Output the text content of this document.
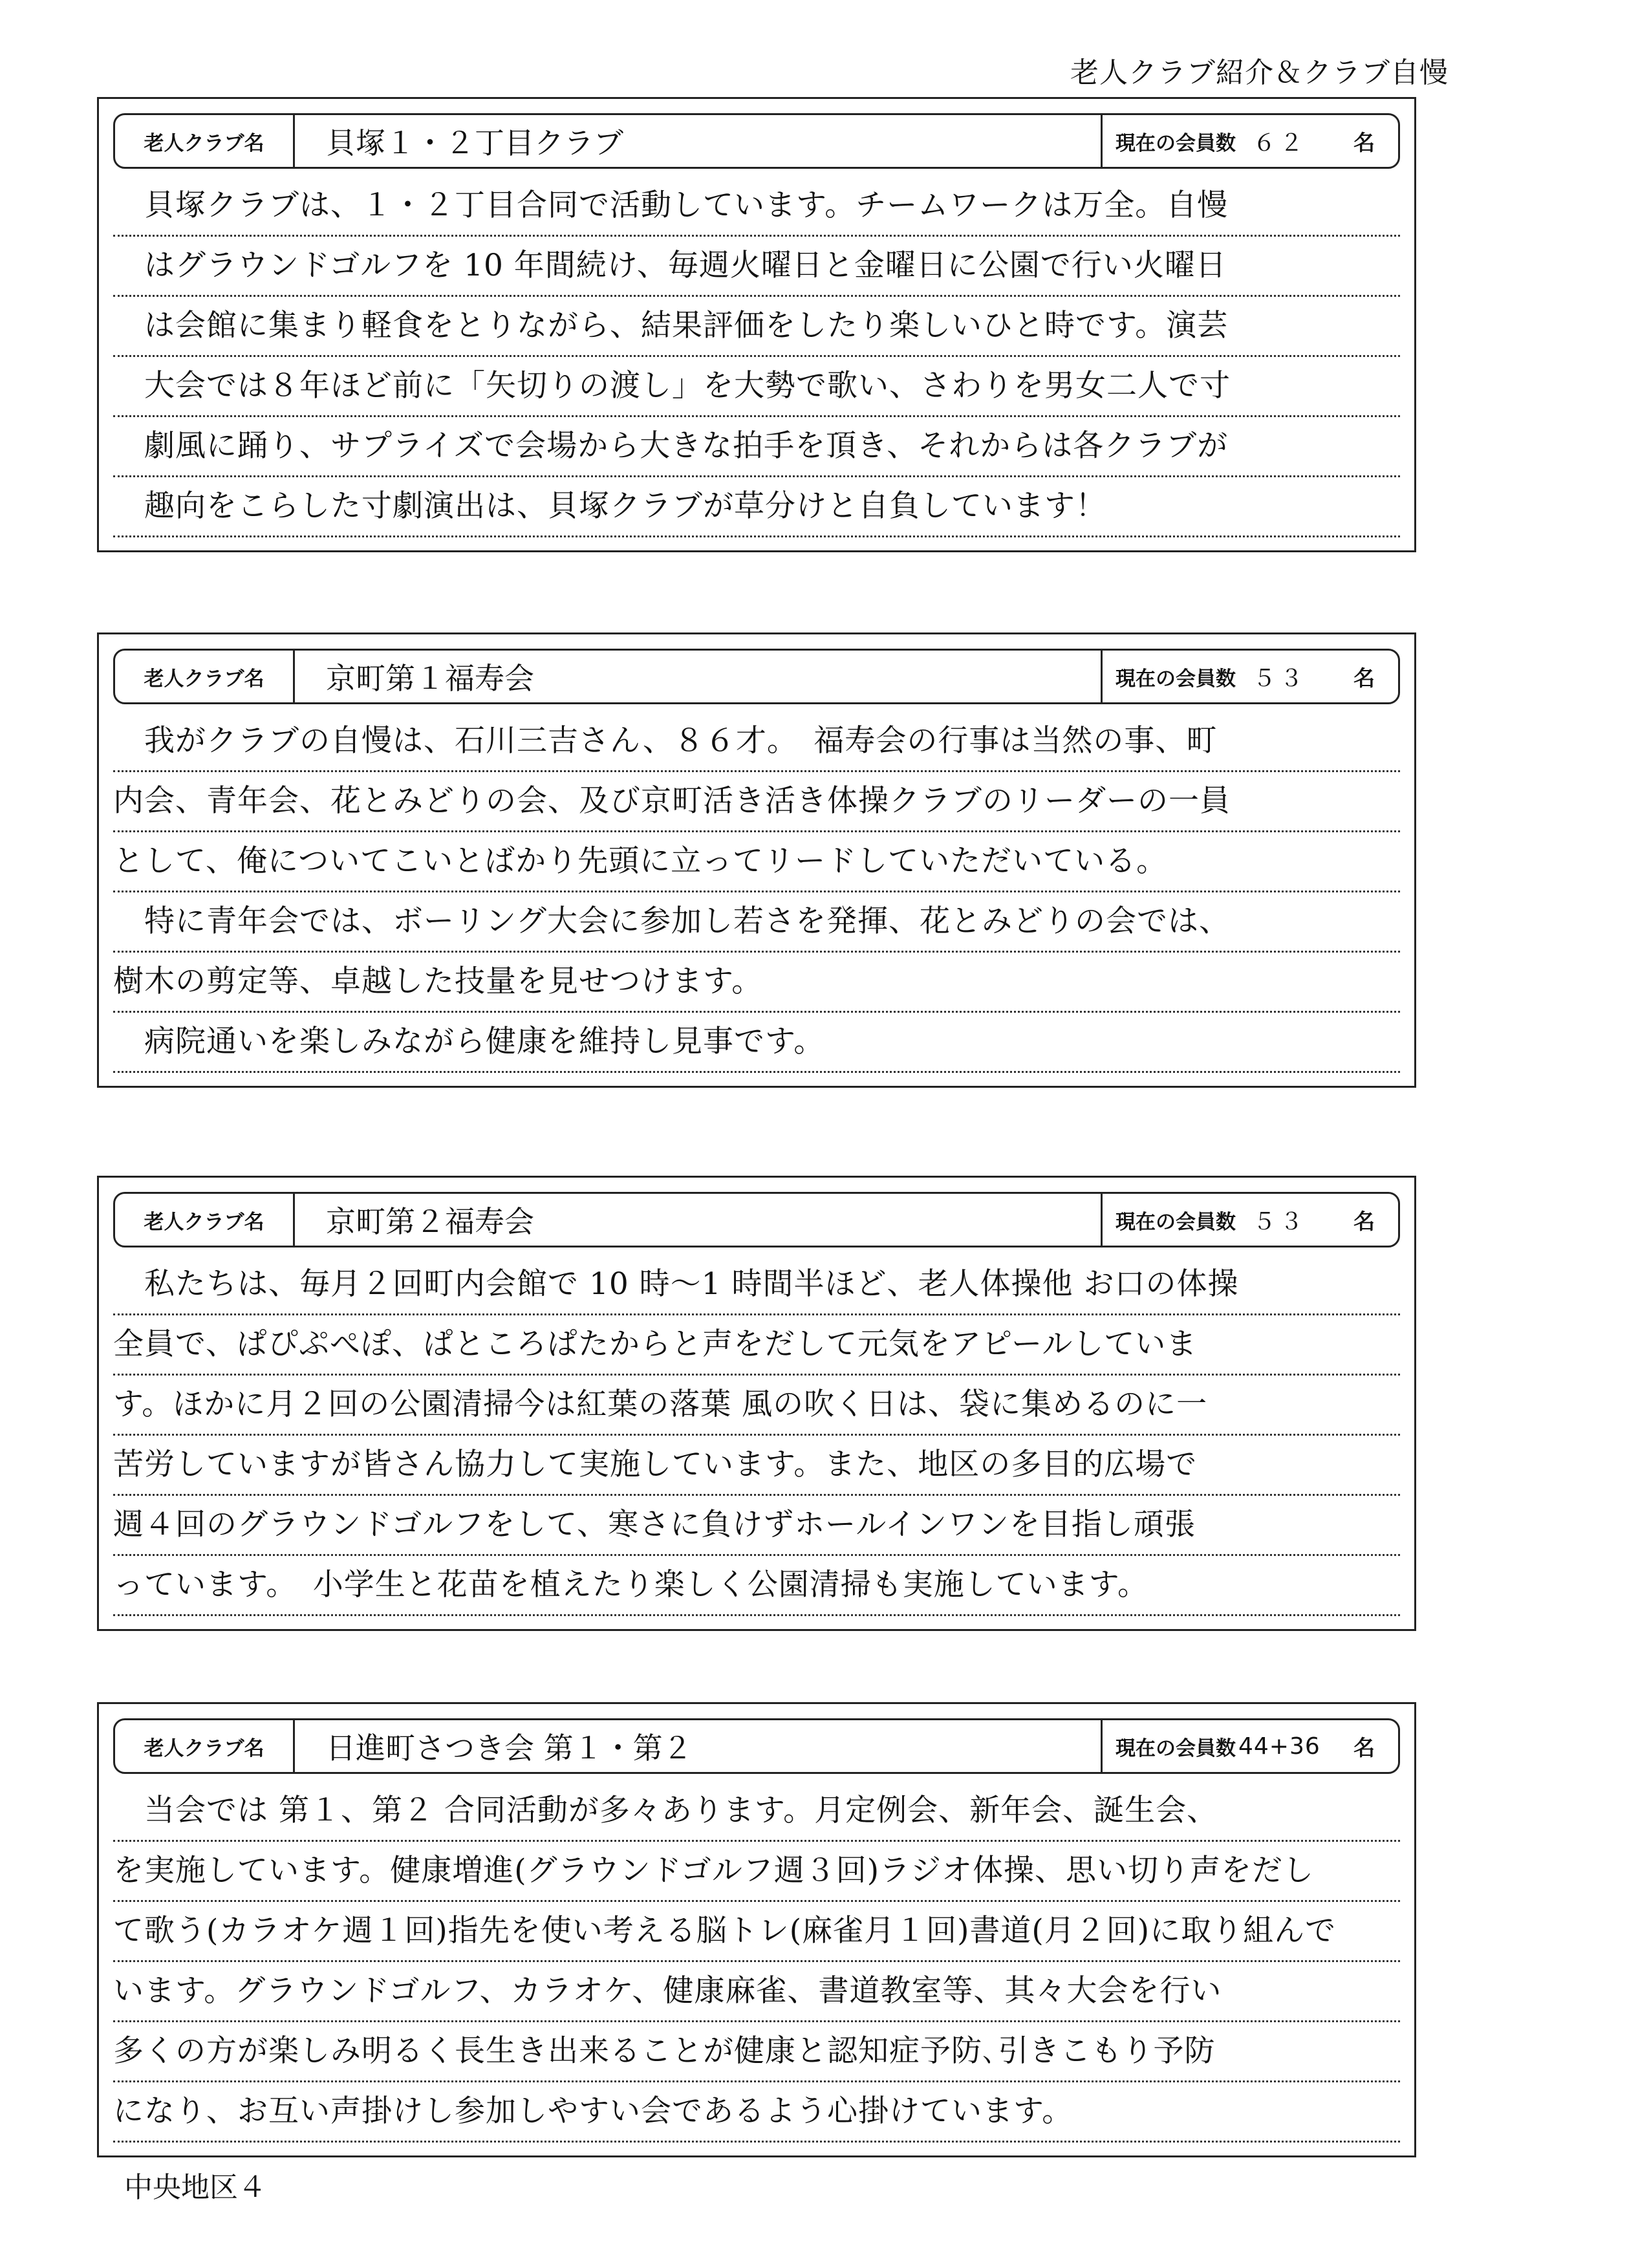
老人クラブ紹介＆クラブ自慢
老人クラブ名	貝塚１・２丁目クラブ	現在の会員数 ６２ 名
　貝塚クラブは、１・２丁目合同で活動しています。チームワークは万全。自慢
　はグラウンドゴルフを 10 年間続け、毎週火曜日と金曜日に公園で行い火曜日
　は会館に集まり軽食をとりながら、結果評価をしたり楽しいひと時です。演芸
　大会では８年ほど前に「矢切りの渡し」を大勢で歌い、さわりを男女二人で寸
　劇風に踊り、サプライズで会場から大きな拍手を頂き、それからは各クラブが
　趣向をこらした寸劇演出は、貝塚クラブが草分けと自負しています！
老人クラブ名	京町第１福寿会	現在の会員数 ５３ 名
　我がクラブの自慢は、石川三吉さん、８６才。　福寿会の行事は当然の事、町
内会、青年会、花とみどりの会、及び京町活き活き体操クラブのリーダーの一員
として、俺についてこいとばかり先頭に立ってリードしていただいている。
　特に青年会では、ボーリング大会に参加し若さを発揮、花とみどりの会では、
樹木の剪定等、卓越した技量を見せつけます。
　病院通いを楽しみながら健康を維持し見事です。
老人クラブ名	京町第２福寿会	現在の会員数 ５３ 名
　私たちは、毎月２回町内会館で 10 時～1 時間半ほど、老人体操他 お口の体操
全員で、ぱぴぷぺぽ、ぱところぱたからと声をだして元気をアピールしていま
す。ほかに月２回の公園清掃今は紅葉の落葉 風の吹く日は、袋に集めるのに一
苦労していますが皆さん協力して実施しています。また、地区の多目的広場で
週４回のグラウンドゴルフをして、寒さに負けずホールインワンを目指し頑張
っています。　小学生と花苗を植えたり楽しく公園清掃も実施しています。
老人クラブ名	日進町さつき会 第１・第２	現在の会員数 44+36 名
　当会では 第１、第２ 合同活動が多々あります。月定例会、新年会、誕生会、
を実施しています。健康増進(グラウンドゴルフ週３回)ラジオ体操、思い切り声をだし
て歌う(カラオケ週１回)指先を使い考える脳トレ(麻雀月１回)書道(月２回)に取り組んで
います。グラウンドゴルフ、カラオケ、健康麻雀、書道教室等、其々大会を行い
多くの方が楽しみ明るく長生き出来ることが健康と認知症予防､引きこもり予防
になり、お互い声掛けし参加しやすい会であるよう心掛けています。
中央地区４
